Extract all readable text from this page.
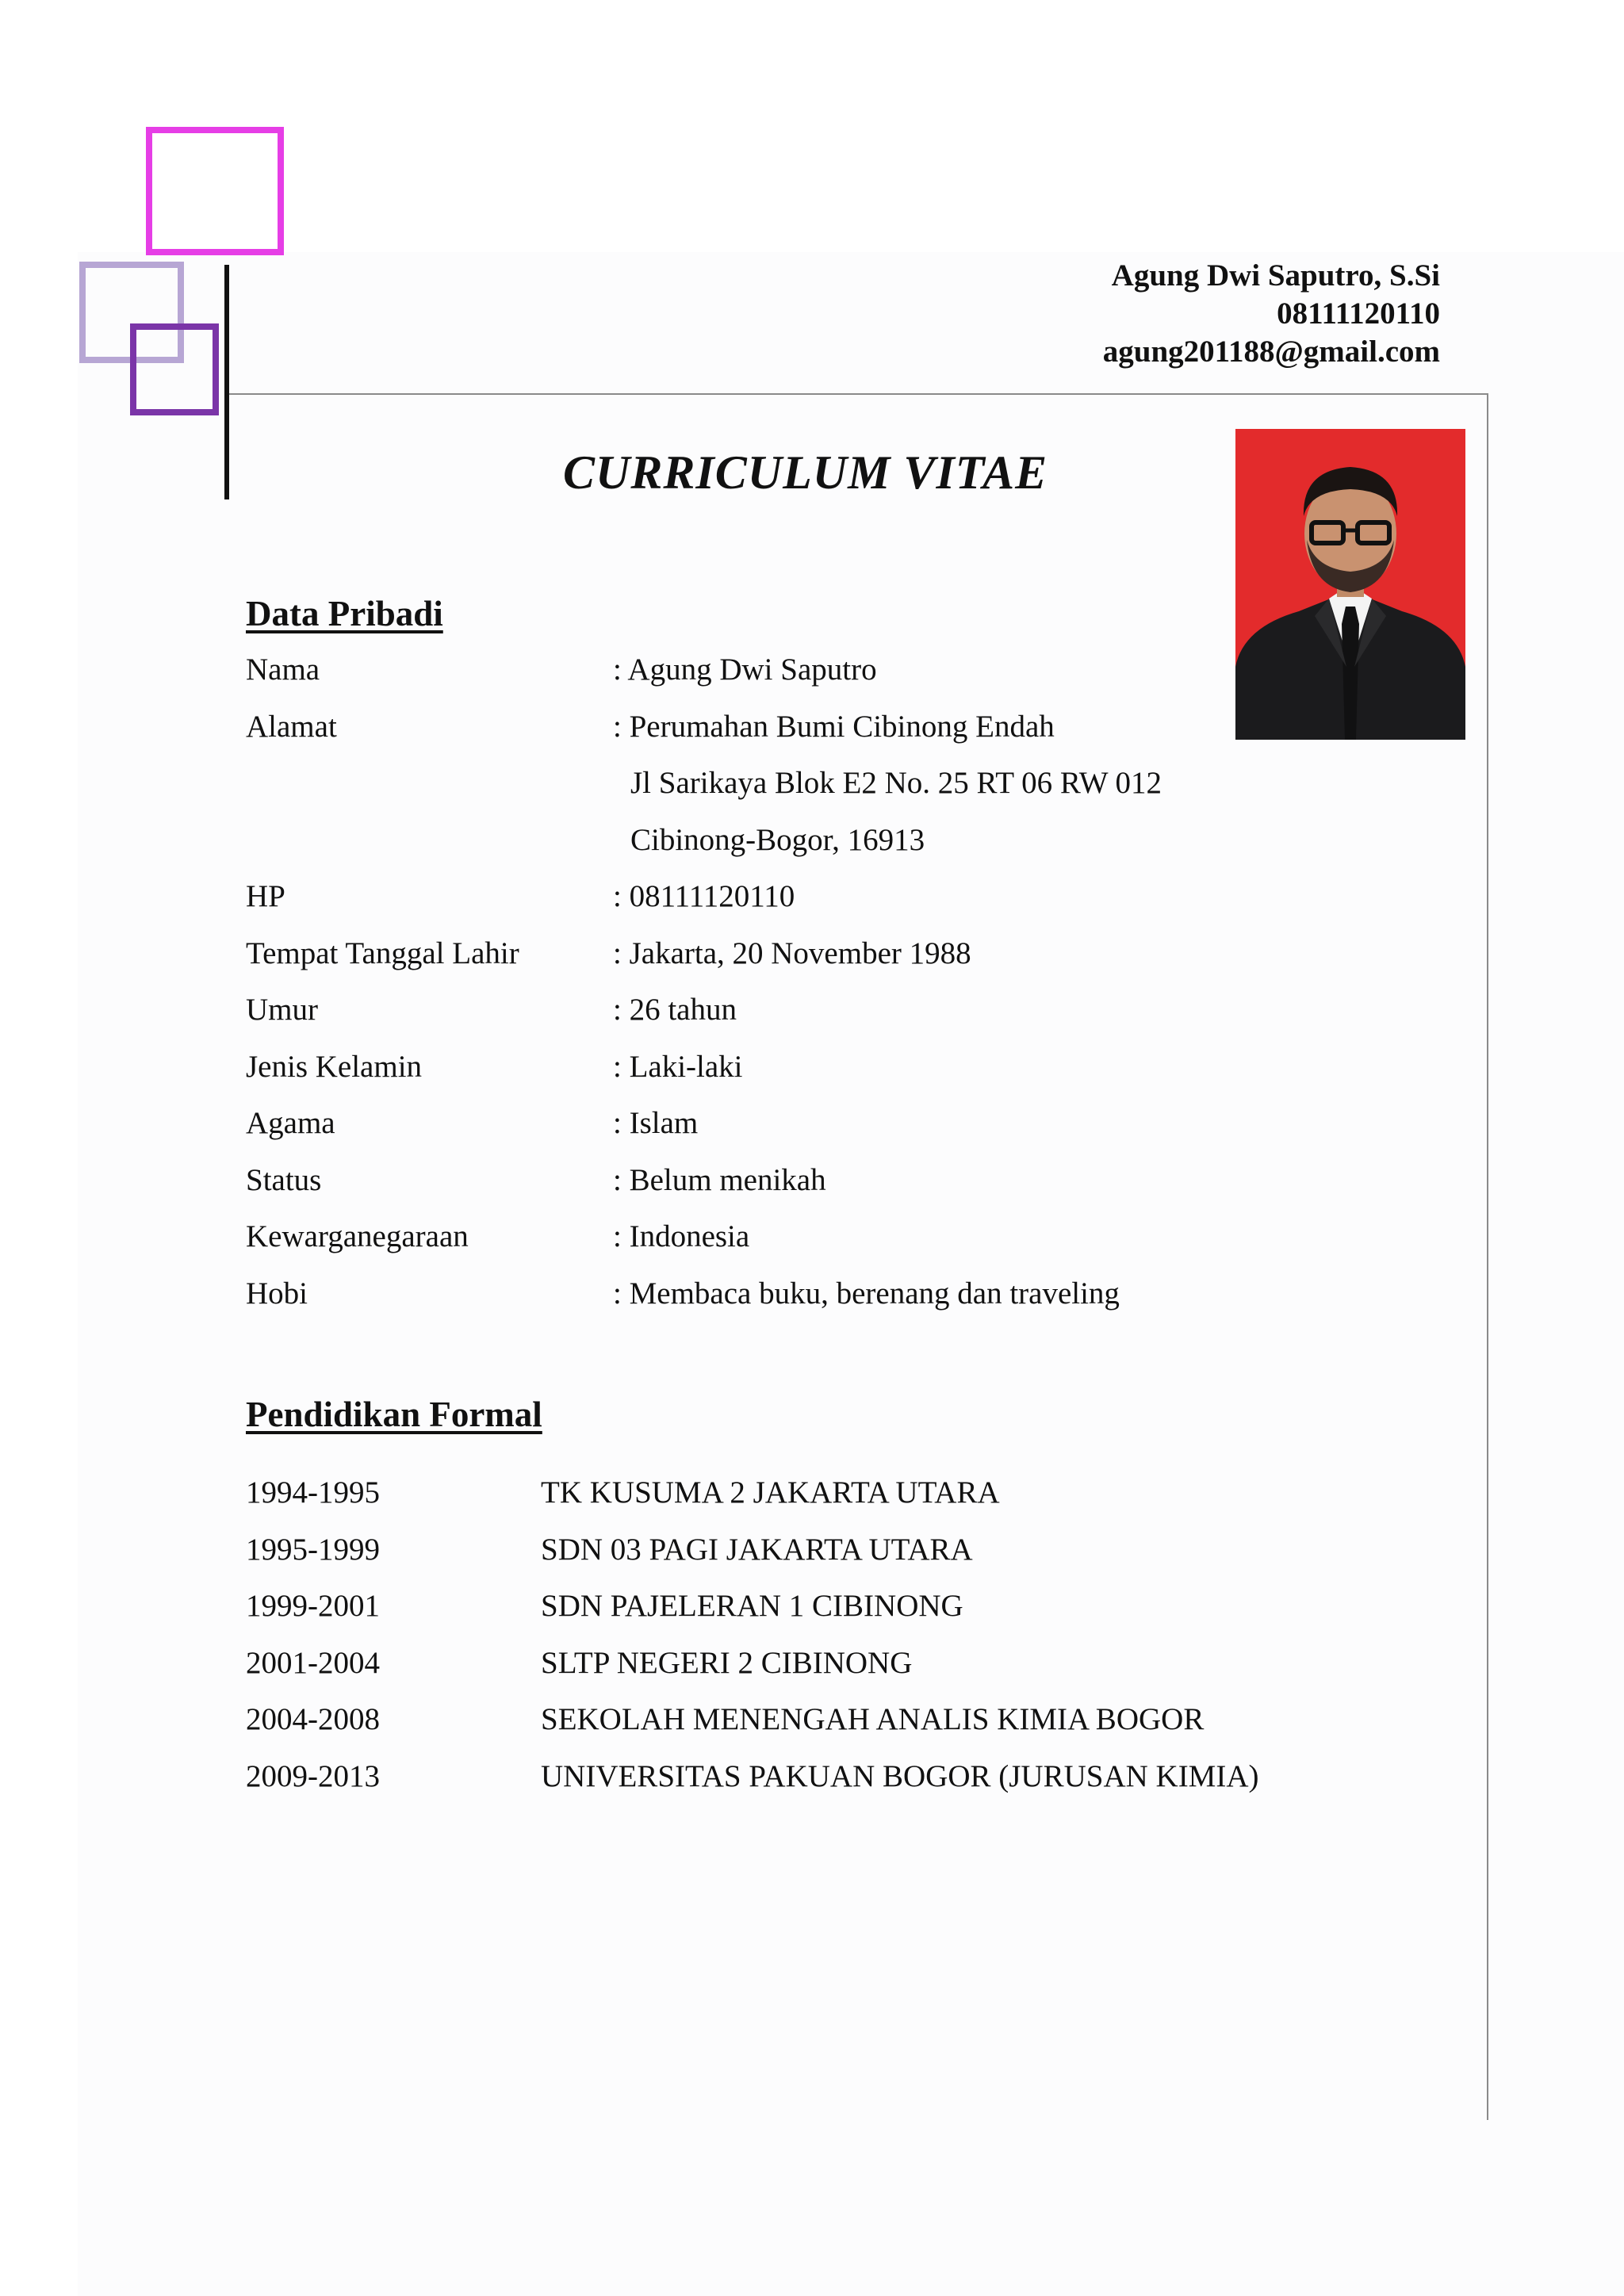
Agung Dwi Saputro, S.Si
08111120110
agung201188@gmail.com
CURRICULUM VITAE
Data Pribadi
Nama	: Agung Dwi Saputro
Alamat	: Perumahan Bumi Cibinong Endah
Jl Sarikaya Blok E2 No. 25 RT 06 RW 012
Cibinong-Bogor, 16913
HP	: 08111120110
Tempat Tanggal Lahir	: Jakarta, 20 November 1988
Umur	: 26 tahun
Jenis Kelamin	: Laki-laki
Agama	: Islam
Status	: Belum menikah
Kewarganegaraan	: Indonesia
Hobi	: Membaca buku, berenang dan traveling
Pendidikan Formal
1994-1995	TK KUSUMA 2 JAKARTA UTARA
1995-1999	SDN 03 PAGI JAKARTA UTARA
1999-2001	SDN PAJELERAN 1 CIBINONG
2001-2004	SLTP NEGERI 2 CIBINONG
2004-2008	SEKOLAH MENENGAH ANALIS KIMIA BOGOR
2009-2013	UNIVERSITAS PAKUAN BOGOR (JURUSAN KIMIA)
